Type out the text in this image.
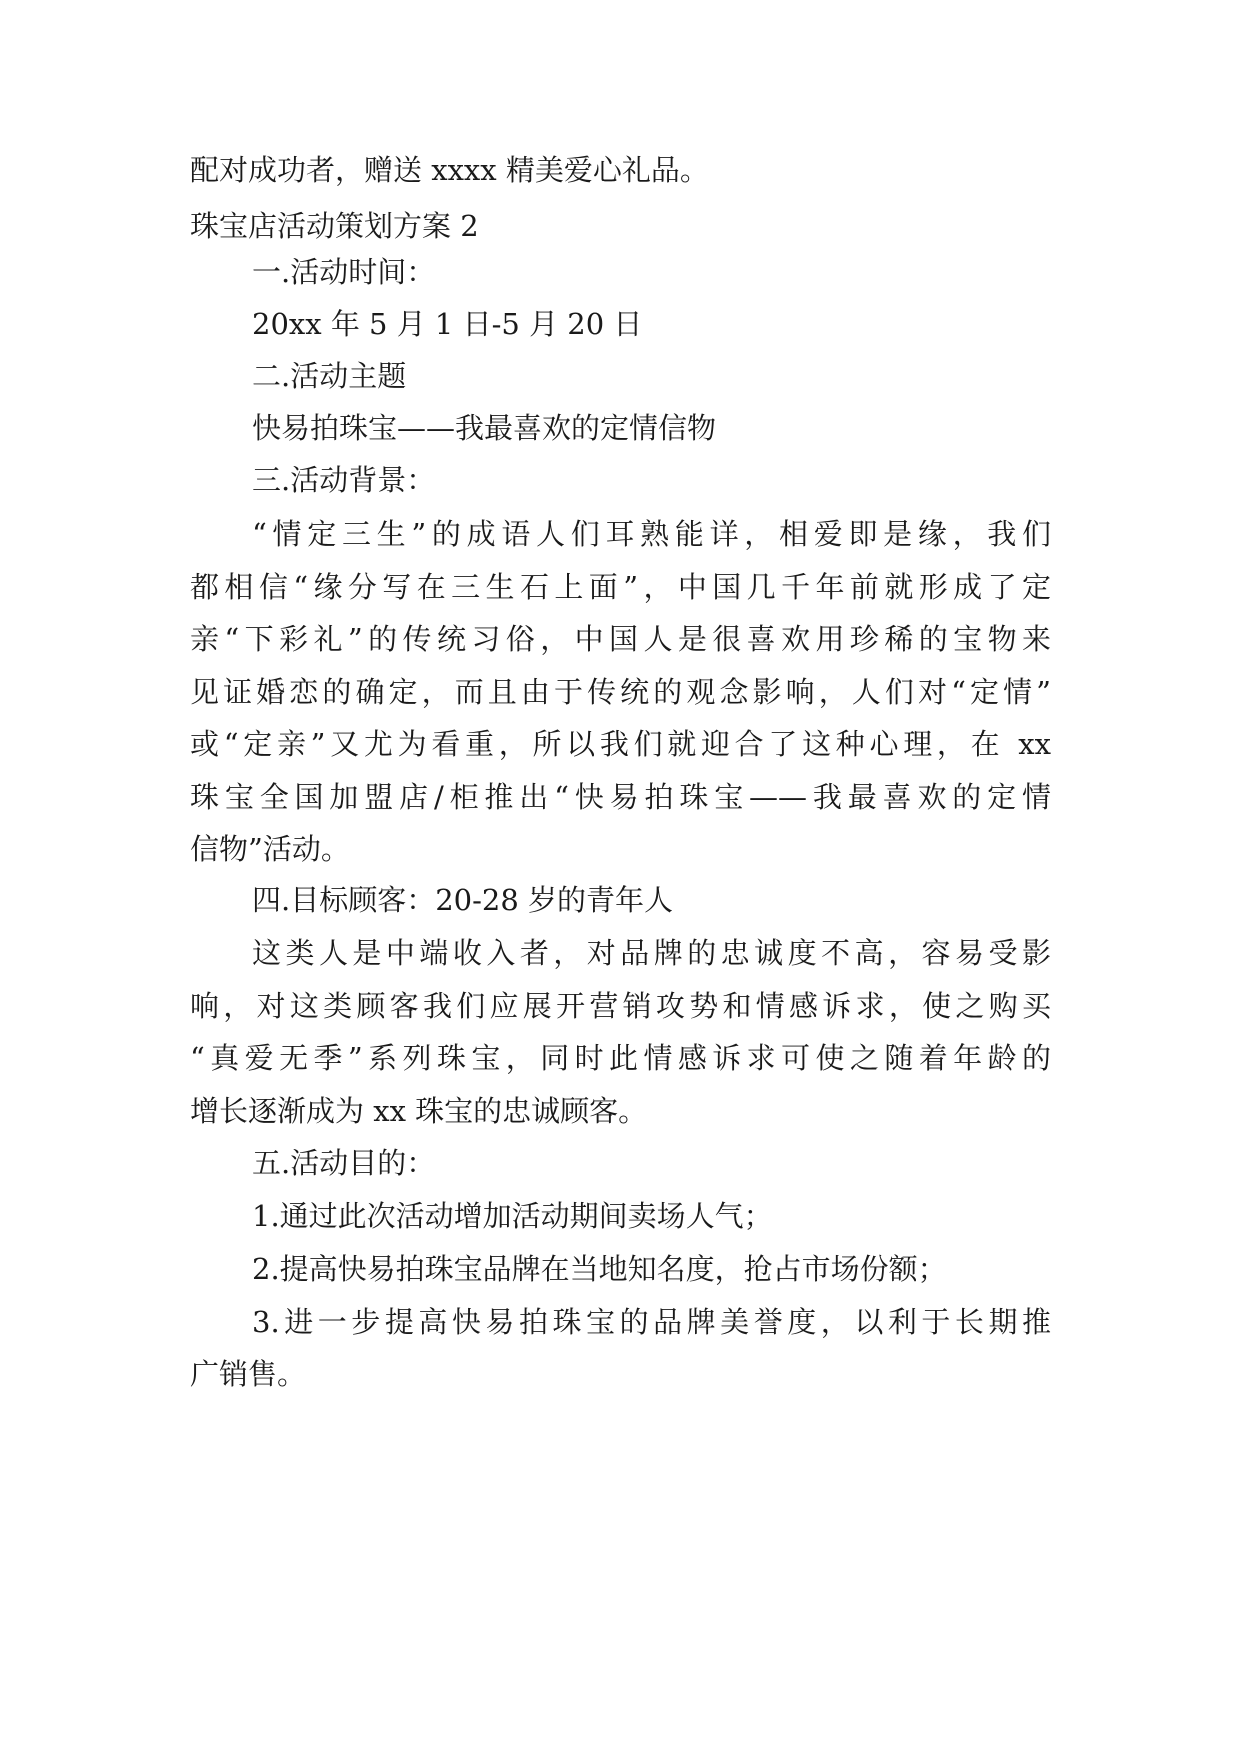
配对成功者，赠送 xxxx 精美爱心礼品。

珠宝店活动策划方案 2

一.活动时间：

20xx 年 5 月 1 日-5 月 20 日

二.活动主题

快易拍珠宝——我最喜欢的定情信物

三.活动背景：

“情定三生”的成语人们耳熟能详，相爱即是缘，我们

都相信“缘分写在三生石上面”，中国几千年前就形成了定

亲“下彩礼”的传统习俗，中国人是很喜欢用珍稀的宝物来

见证婚恋的确定，而且由于传统的观念影响，人们对“定情”

或“定亲”又尤为看重，所以我们就迎合了这种心理，在 xx

珠宝全国加盟店/柜推出“快易拍珠宝——我最喜欢的定情

信物”活动。

四.目标顾客：20-28 岁的青年人

这类人是中端收入者，对品牌的忠诚度不高，容易受影

响，对这类顾客我们应展开营销攻势和情感诉求，使之购买

“真爱无季”系列珠宝，同时此情感诉求可使之随着年龄的

增长逐渐成为 xx 珠宝的忠诚顾客。

五.活动目的：

1.通过此次活动增加活动期间卖场人气；

2.提高快易拍珠宝品牌在当地知名度，抢占市场份额；

3.进一步提高快易拍珠宝的品牌美誉度，以利于长期推

广销售。
